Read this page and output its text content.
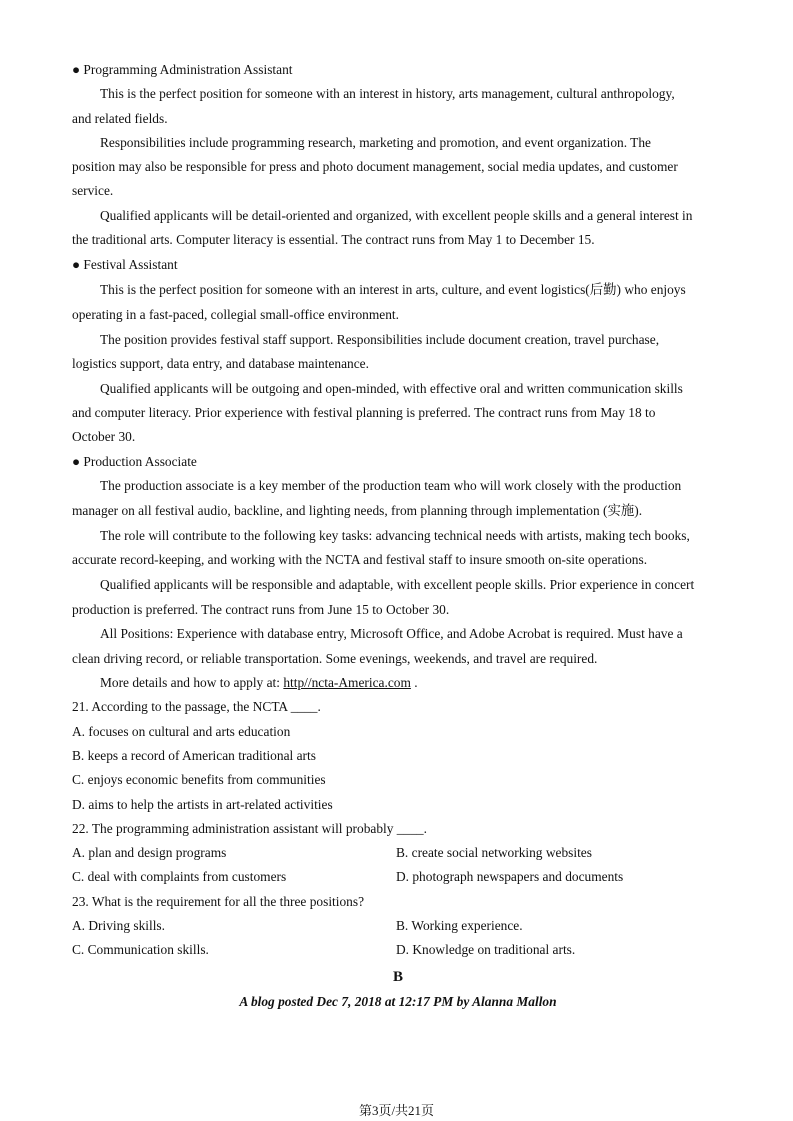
● Programming Administration Assistant
This is the perfect position for someone with an interest in history, arts management, cultural anthropology,
and related fields.
Responsibilities include programming research, marketing and promotion, and event organization. The
position may also be responsible for press and photo document management, social media updates, and customer
service.
Qualified applicants will be detail-oriented and organized, with excellent people skills and a general interest in
the traditional arts. Computer literacy is essential. The contract runs from May 1 to December 15.
● Festival Assistant
This is the perfect position for someone with an interest in arts, culture, and event logistics(后勤) who enjoys
operating in a fast-paced, collegial small-office environment.
The position provides festival staff support. Responsibilities include document creation, travel purchase,
logistics support, data entry, and database maintenance.
Qualified applicants will be outgoing and open-minded, with effective oral and written communication skills
and computer literacy. Prior experience with festival planning is preferred. The contract runs from May 18 to
October 30.
● Production Associate
The production associate is a key member of the production team who will work closely with the production
manager on all festival audio, backline, and lighting needs, from planning through implementation (实施).
The role will contribute to the following key tasks: advancing technical needs with artists, making tech books,
accurate record-keeping, and working with the NCTA and festival staff to insure smooth on-site operations.
Qualified applicants will be responsible and adaptable, with excellent people skills. Prior experience in concert
production is preferred. The contract runs from June 15 to October 30.
All Positions: Experience with database entry, Microsoft Office, and Adobe Acrobat is required. Must have a
clean driving record, or reliable transportation. Some evenings, weekends, and travel are required.
More details and how to apply at: http//ncta-America.com .
21. According to the passage, the NCTA ____.
A. focuses on cultural and arts education
B. keeps a record of American traditional arts
C. enjoys economic benefits from communities
D. aims to help the artists in art-related activities
22. The programming administration assistant will probably ____.
A. plan and design programs	B. create social networking websites
C. deal with complaints from customers	D. photograph newspapers and documents
23. What is the requirement for all the three positions?
A. Driving skills.	B. Working experience.
C. Communication skills.	D. Knowledge on traditional arts.
B
A blog posted Dec 7, 2018 at 12:17 PM by Alanna Mallon
第3页/共21页
